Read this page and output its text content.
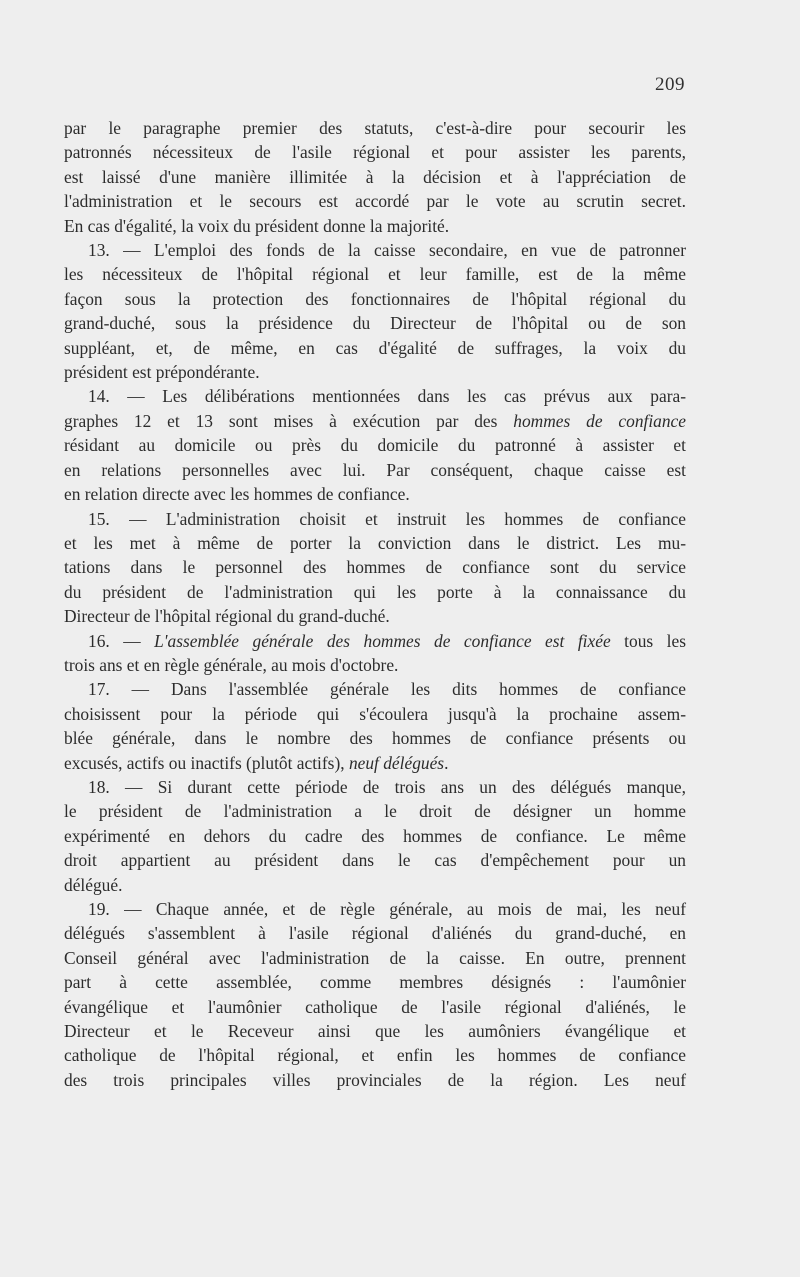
209
par le paragraphe premier des statuts, c'est-à-dire pour secourir les
patronnés nécessiteux de l'asile régional et pour assister les parents,
est laissé d'une manière illimitée à la décision et à l'appréciation de
l'administration et le secours est accordé par le vote au scrutin secret.
En cas d'égalité, la voix du président donne la majorité.
13. — L'emploi des fonds de la caisse secondaire, en vue de patronner
les nécessiteux de l'hôpital régional et leur famille, est de la même
façon sous la protection des fonctionnaires de l'hôpital régional du
grand-duché, sous la présidence du Directeur de l'hôpital ou de son
suppléant, et, de même, en cas d'égalité de suffrages, la voix du
président est prépondérante.
14. — Les délibérations mentionnées dans les cas prévus aux para-
graphes 12 et 13 sont mises à exécution par des hommes de confiance
résidant au domicile ou près du domicile du patronné à assister et
en relations personnelles avec lui. Par conséquent, chaque caisse est
en relation directe avec les hommes de confiance.
15. — L'administration choisit et instruit les hommes de confiance
et les met à même de porter la conviction dans le district. Les mu-
tations dans le personnel des hommes de confiance sont du service
du président de l'administration qui les porte à la connaissance du
Directeur de l'hôpital régional du grand-duché.
16. — L'assemblée générale des hommes de confiance est fixée tous les
trois ans et en règle générale, au mois d'octobre.
17. — Dans l'assemblée générale les dits hommes de confiance
choisissent pour la période qui s'écoulera jusqu'à la prochaine assem-
blée générale, dans le nombre des hommes de confiance présents ou
excusés, actifs ou inactifs (plutôt actifs), neuf délégués.
18. — Si durant cette période de trois ans un des délégués manque,
le président de l'administration a le droit de désigner un homme
expérimenté en dehors du cadre des hommes de confiance. Le même
droit appartient au président dans le cas d'empêchement pour un
délégué.
19. — Chaque année, et de règle générale, au mois de mai, les neuf
délégués s'assemblent à l'asile régional d'aliénés du grand-duché, en
Conseil général avec l'administration de la caisse. En outre, prennent
part à cette assemblée, comme membres désignés : l'aumônier
évangélique et l'aumônier catholique de l'asile régional d'aliénés, le
Directeur et le Receveur ainsi que les aumôniers évangélique et
catholique de l'hôpital régional, et enfin les hommes de confiance
des trois principales villes provinciales de la région. Les neuf
